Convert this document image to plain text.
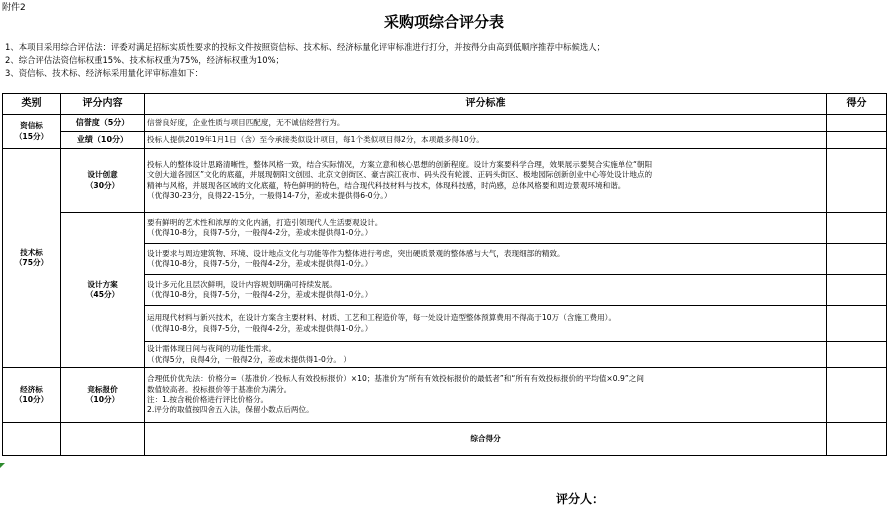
附件2
采购项综合评分表
1、本项目采用综合评估法：评委对满足招标实质性要求的投标文件按照资信标、技术标、经济标量化评审标准进行打分，并按得分由高到低顺序推荐中标候选人；
2、综合评估法资信标权重15%、技术标权重为75%，经济标权重为10%；
3、资信标、技术标、经济标采用量化评审标准如下：
类别	评分内容	评分标准	得分
资信标
（15分）	信誉度（5分）	信誉良好度，企业性质与项目匹配度，无不诚信经营行为。	
	业绩（10分）	投标人提供2019年1月1日（含）至今承接类似设计项目，每1个类似项目得2分，本项最多得10分。	
技术标
（75分）	设计创意
（30分）	投标人的整体设计思路清晰性，整体风格一致，结合实际情况，方案立意和核心思想的创新程度。设计方案要科学合理，效果展示要契合实施单位“朝阳
文创大道各园区”文化的底蕴，并展现朝阳文创园、北京文创街区、豪吉滨江夜市、码头没有轮渡、正码头街区、极地园际创新创业中心等处设计地点的
精神与风格，并展现各区域的文化底蕴，特色鲜明的特色，结合现代科技材料与技术，体现科技感，时尚感，总体风格要和周边景观环境和谐。
（优得30-23分，良得22-15分，一般得14-7分，差或未提供得6-0分。）	

	设计方案
（45分）	要有鲜明的艺术性和浓厚的文化内涵，打造引领现代人生活要观设计。
（优得10-8分，良得7-5分，一般得4-2分，差或未提供得1-0分。）	

		设计要求与周边建筑物、环境、设计地点文化与功能等作为整体进行考虑，突出硬质景观的整体感与大气，表现细部的精致。
（优得10-8分，良得7-5分，一般得4-2分，差或未提供得1-0分。）	

		设计多元化且层次鲜明，设计内容规划明确可持续发展。
（优得10-8分，良得7-5分，一般得4-2分，差或未提供得1-0分。）	

		运用现代材料与新兴技术，在设计方案含主要材料、材质、工艺和工程造价等，每一处设计造型整体预算费用不得高于10万（含施工费用）。
（优得10-8分，良得7-5分，一般得4-2分，差或未提供得1-0分。）	

		设计需体现日间与夜间的功能性需求。
（优得5分，良得4分，一般得2分，差或未提供得1-0分。 ）	

经济标
（10分）	竞标报价
（10分）	合理低价优先法：价格分=（基准价／投标人有效投标报价）×10；基准价为“所有有效投标报价的最低者”和“所有有效投标报价的平均值×0.9”之间
数值较高者。投标报价等于基准价为满分。
注：1.按含税价格进行评比价格分。
2.评分的取值按四舍五入法，保留小数点后两位。	

		综合得分	
评分人：
